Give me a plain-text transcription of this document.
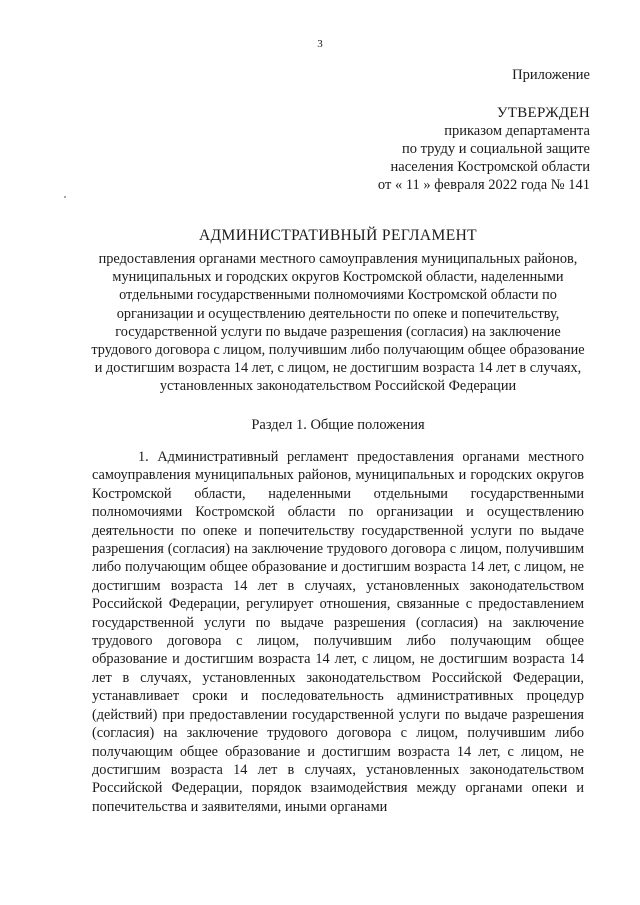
3
Приложение
УТВЕРЖДЕН
приказом департамента
по труду и социальной защите
населения Костромской области
от « 11 » февраля 2022 года № 141
АДМИНИСТРАТИВНЫЙ РЕГЛАМЕНТ

предоставления органами местного самоуправления муниципальных районов, муниципальных и городских округов Костромской области, наделенными отдельными государственными полномочиями Костромской области по организации и осуществлению деятельности по опеке и попечительству, государственной услуги по выдаче разрешения (согласия) на заключение трудового договора с лицом, получившим либо получающим общее образование и достигшим возраста 14 лет, с лицом, не достигшим возраста 14 лет в случаях, установленных законодательством Российской Федерации

Раздел 1. Общие положения

1. Административный регламент предоставления органами местного самоуправления муниципальных районов, муниципальных и городских округов Костромской области, наделенными отдельными государственными полномочиями Костромской области по организации и осуществлению деятельности по опеке и попечительству государственной услуги по выдаче разрешения (согласия) на заключение трудового договора с лицом, получившим либо получающим общее образование и достигшим возраста 14 лет, с лицом, не достигшим возраста 14 лет в случаях, установленных законодательством Российской Федерации, регулирует отношения, связанные с предоставлением государственной услуги по выдаче разрешения (согласия) на заключение трудового договора с лицом, получившим либо получающим общее образование и достигшим возраста 14 лет, с лицом, не достигшим возраста 14 лет в случаях, установленных законодательством Российской Федерации, устанавливает сроки и последовательность административных процедур (действий) при предоставлении государственной услуги по выдаче разрешения (согласия) на заключение трудового договора с лицом, получившим либо получающим общее образование и достигшим возраста 14 лет, с лицом, не достигшим возраста 14 лет в случаях, установленных законодательством Российской Федерации, порядок взаимодействия между органами опеки и попечительства и заявителями, иными органами
